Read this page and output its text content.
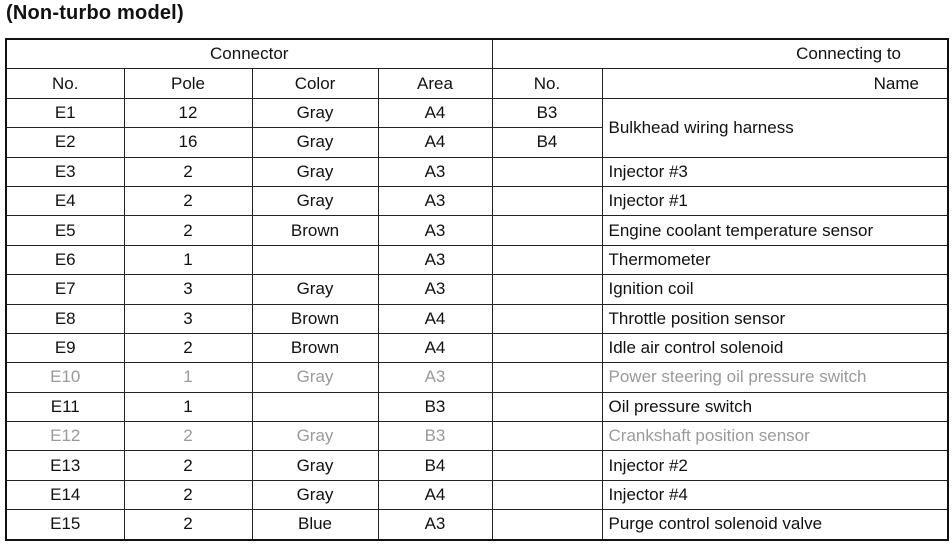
(Non-turbo model)
Connector				Connecting to	
No.	Pole	Color	Area	No.	Name
E1	12	Gray	A4	B3	Bulkhead wiring harness
E2	16	Gray	A4	B4	
E3	2	Gray	A3		Injector #3
E4	2	Gray	A3		Injector #1
E5	2	Brown	A3		Engine coolant temperature sensor
E6	1		A3		Thermometer
E7	3	Gray	A3		Ignition coil
E8	3	Brown	A4		Throttle position sensor
E9	2	Brown	A4		Idle air control solenoid
E10	1	Gray	A3		Power steering oil pressure switch
E11	1		B3		Oil pressure switch
E12	2	Gray	B3		Crankshaft position sensor
E13	2	Gray	B4		Injector #2
E14	2	Gray	A4		Injector #4
E15	2	Blue	A3		Purge control solenoid valve
